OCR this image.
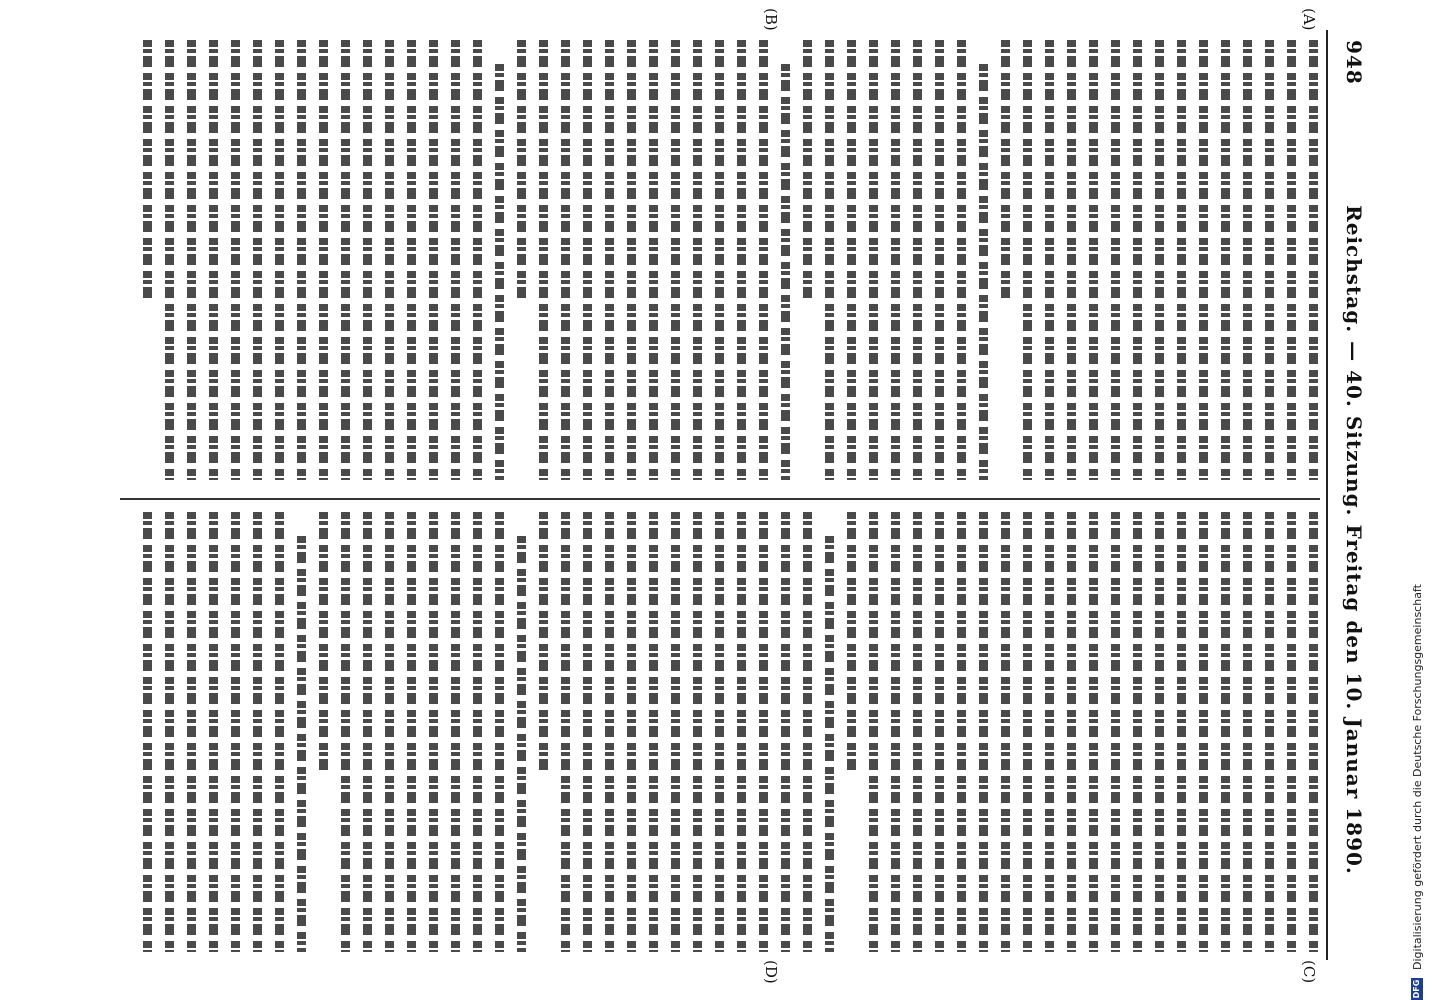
948
Reichstag. — 40. Sitzung. Freitag den 10. Januar 1890.
(A)
(B)
(C)
(D)
DFG
Digitalisierung gefördert durch die Deutsche Forschungsgemeinschaft
